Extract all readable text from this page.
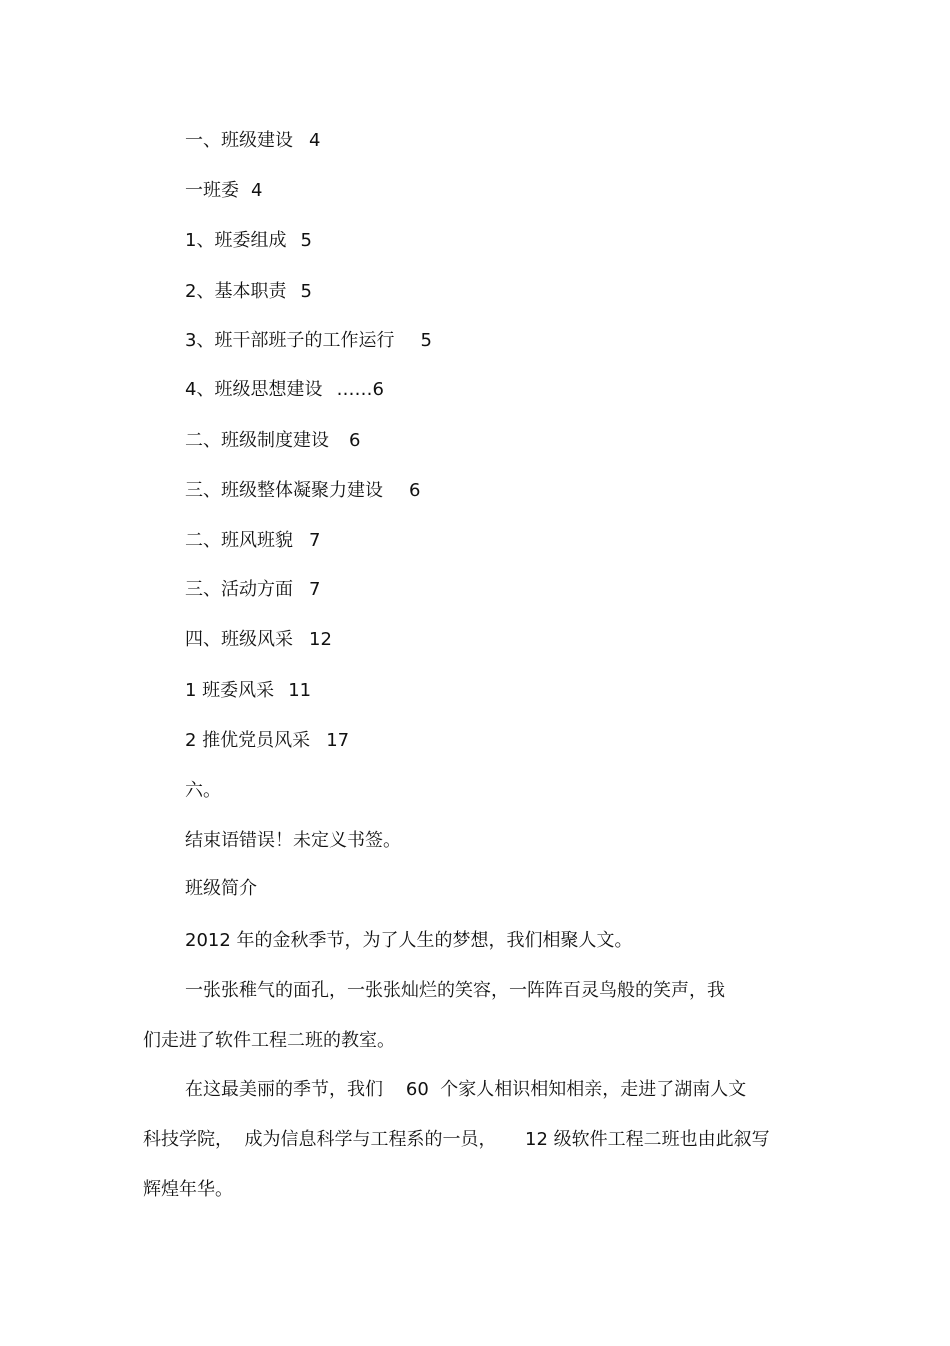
一、班级建设 4
一班委 4
1、班委组成 5
2、基本职责 5
3、班干部班子的工作运行 5
4、班级思想建设 ……6
二、班级制度建设 6
三、班级整体凝聚力建设 6
二、班风班貌 7
三、活动方面 7
四、班级风采 12
1 班委风采 11
2 推优党员风采 17
六。
结束语错误！未定义书签。
班级简介
2012 年的金秋季节，为了人生的梦想，我们相聚人文。
一张张稚气的面孔，一张张灿烂的笑容，一阵阵百灵鸟般的笑声，我
们走进了软件工程二班的教室。
在这最美丽的季节，我们    60  个家人相识相知相亲，走进了湖南人文
科技学院，  成为信息科学与工程系的一员，     12 级软件工程二班也由此叙写
辉煌年华。
